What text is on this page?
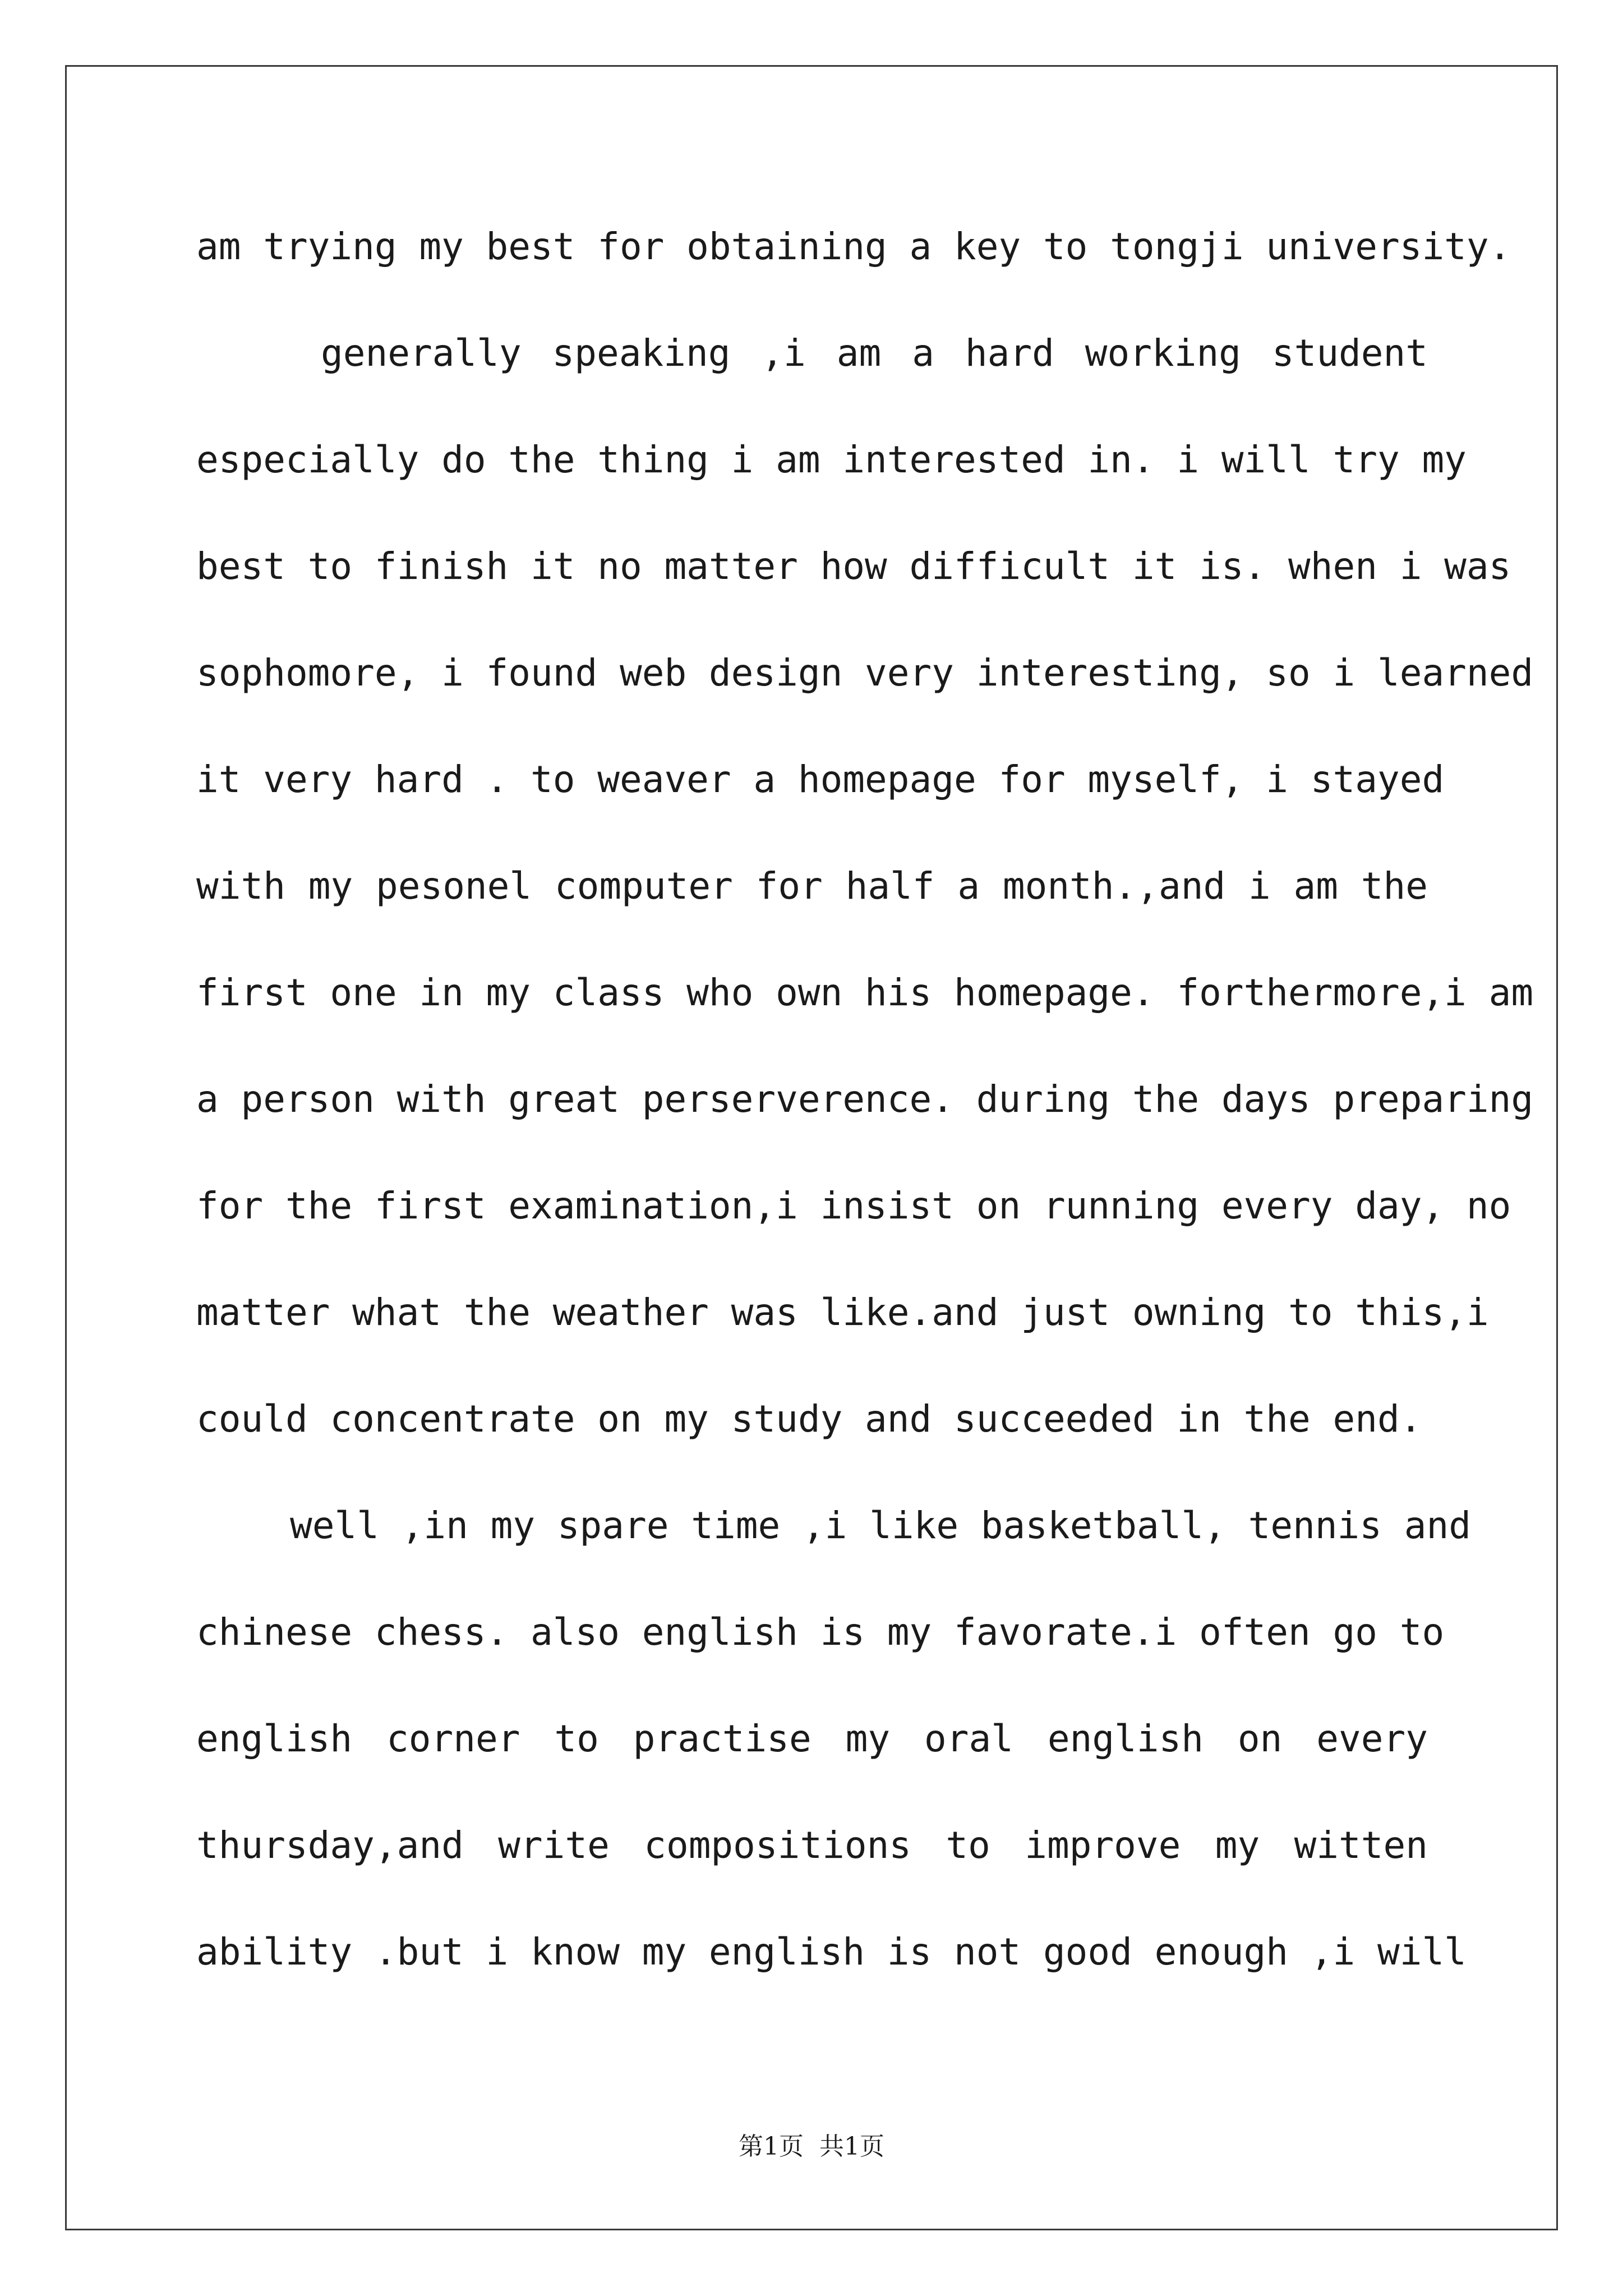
am trying my best for obtaining a key to tongji university.
generally speaking ,i am a hard working student
especially do the thing i am interested in. i will try my
best to finish it no matter how difficult it is. when i was
sophomore, i found web design very interesting, so i learned
it very hard . to weaver a homepage for myself, i stayed
with my pesonel computer for half a month.,and i am the
first one in my class who own his homepage. forthermore,i am
a person with great perserverence. during the days preparing
for the first examination,i insist on running every day, no
matter what the weather was like.and just owning to this,i
could concentrate on my study and succeeded in the end.
well ,in my spare time ,i like basketball, tennis and
chinese chess. also english is my favorate.i often go to
english corner to practise my oral english on every
thursday,and write compositions to improve my witten
ability .but i know my english is not good enough ,i will
第1页  共1页
